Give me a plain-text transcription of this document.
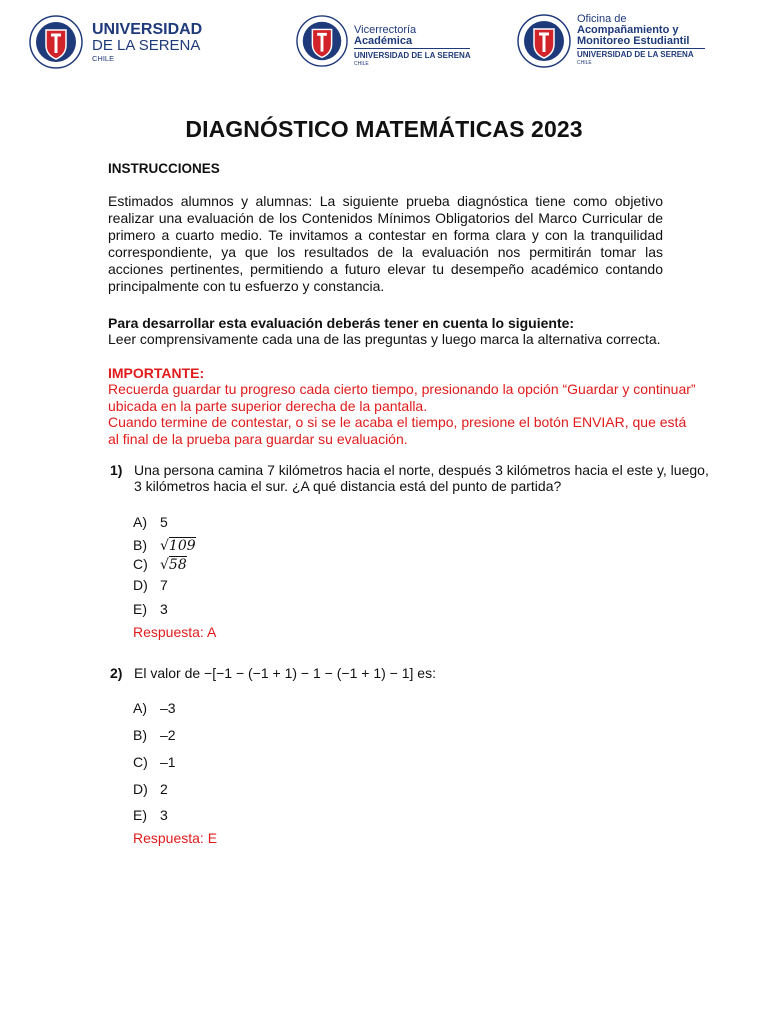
UNIVERSIDAD
DE LA SERENA
CHILE
Vicerrectoría
Académica
UNIVERSIDAD DE LA SERENA
CHILE
Oficina de
Acompañamiento y
Monitoreo Estudiantil
UNIVERSIDAD DE LA SERENA
CHILE
DIAGNÓSTICO MATEMÁTICAS 2023
INSTRUCCIONES
Estimados alumnos y alumnas: La siguiente prueba diagnóstica tiene como objetivo realizar una evaluación de los Contenidos Mínimos Obligatorios del Marco Curricular de primero a cuarto medio. Te invitamos a contestar en forma clara y con la tranquilidad correspondiente, ya que los resultados de la evaluación nos permitirán tomar las acciones pertinentes, permitiendo a futuro elevar tu desempeño académico contando principalmente con tu esfuerzo y constancia.
Para desarrollar esta evaluación deberás tener en cuenta lo siguiente:
Leer comprensivamente cada una de las preguntas y luego marca la alternativa correcta.
IMPORTANTE:
Recuerda guardar tu progreso cada cierto tiempo, presionando la opción “Guardar y continuar”
ubicada en la parte superior derecha de la pantalla.
Cuando termine de contestar, o si se le acaba el tiempo, presione el botón ENVIAR, que está
al final de la prueba para guardar su evaluación.
1) Una persona camina 7 kilómetros hacia el norte, después 3 kilómetros hacia el este y, luego,
3 kilómetros hacia el sur. ¿A qué distancia está del punto de partida?
A) 5
B) √109
C) √58
D) 7
E) 3
Respuesta: A
2) El valor de −[−1 − (−1 + 1) − 1 − (−1 + 1) − 1] es:
A) –3
B) –2
C) –1
D) 2
E) 3
Respuesta: E
